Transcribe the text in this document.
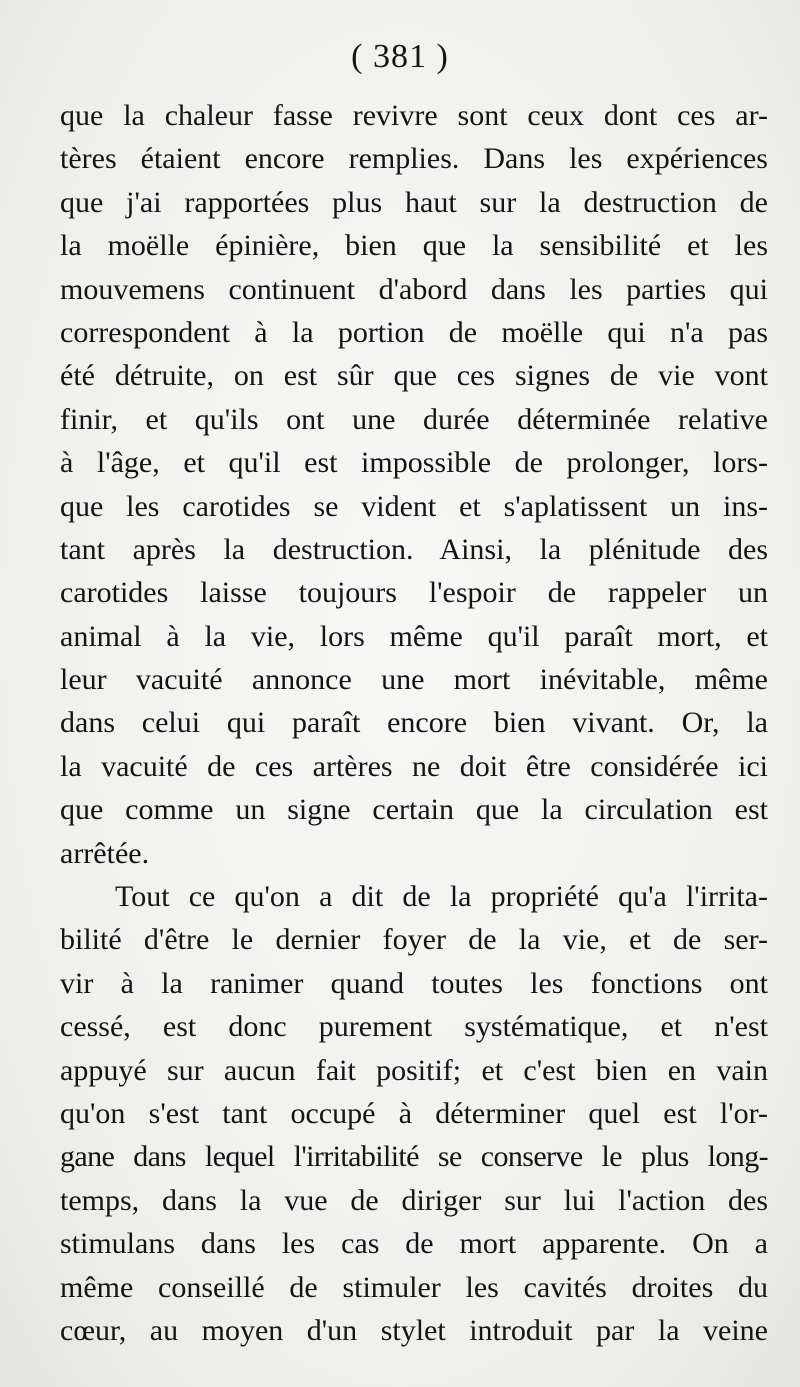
( 381 )
que la chaleur fasse revivre sont ceux dont ces ar-
tères étaient encore remplies. Dans les expériences
que j'ai rapportées plus haut sur la destruction de
la moëlle épinière, bien que la sensibilité et les
mouvemens continuent d'abord dans les parties qui
correspondent à la portion de moëlle qui n'a pas
été détruite, on est sûr que ces signes de vie vont
finir, et qu'ils ont une durée déterminée relative
à l'âge, et qu'il est impossible de prolonger, lors-
que les carotides se vident et s'aplatissent un ins-
tant après la destruction. Ainsi, la plénitude des
carotides laisse toujours l'espoir de rappeler un
animal à la vie, lors même qu'il paraît mort, et
leur vacuité annonce une mort inévitable, même
dans celui qui paraît encore bien vivant. Or, la
la vacuité de ces artères ne doit être considérée ici
que comme un signe certain que la circulation est
arrêtée.
Tout ce qu'on a dit de la propriété qu'a l'irrita-
bilité d'être le dernier foyer de la vie, et de ser-
vir à la ranimer quand toutes les fonctions ont
cessé, est donc purement systématique, et n'est
appuyé sur aucun fait positif; et c'est bien en vain
qu'on s'est tant occupé à déterminer quel est l'or-
gane dans lequel l'irritabilité se conserve le plus long-
temps, dans la vue de diriger sur lui l'action des
stimulans dans les cas de mort apparente. On a
même conseillé de stimuler les cavités droites du
cœur, au moyen d'un stylet introduit par la veine
